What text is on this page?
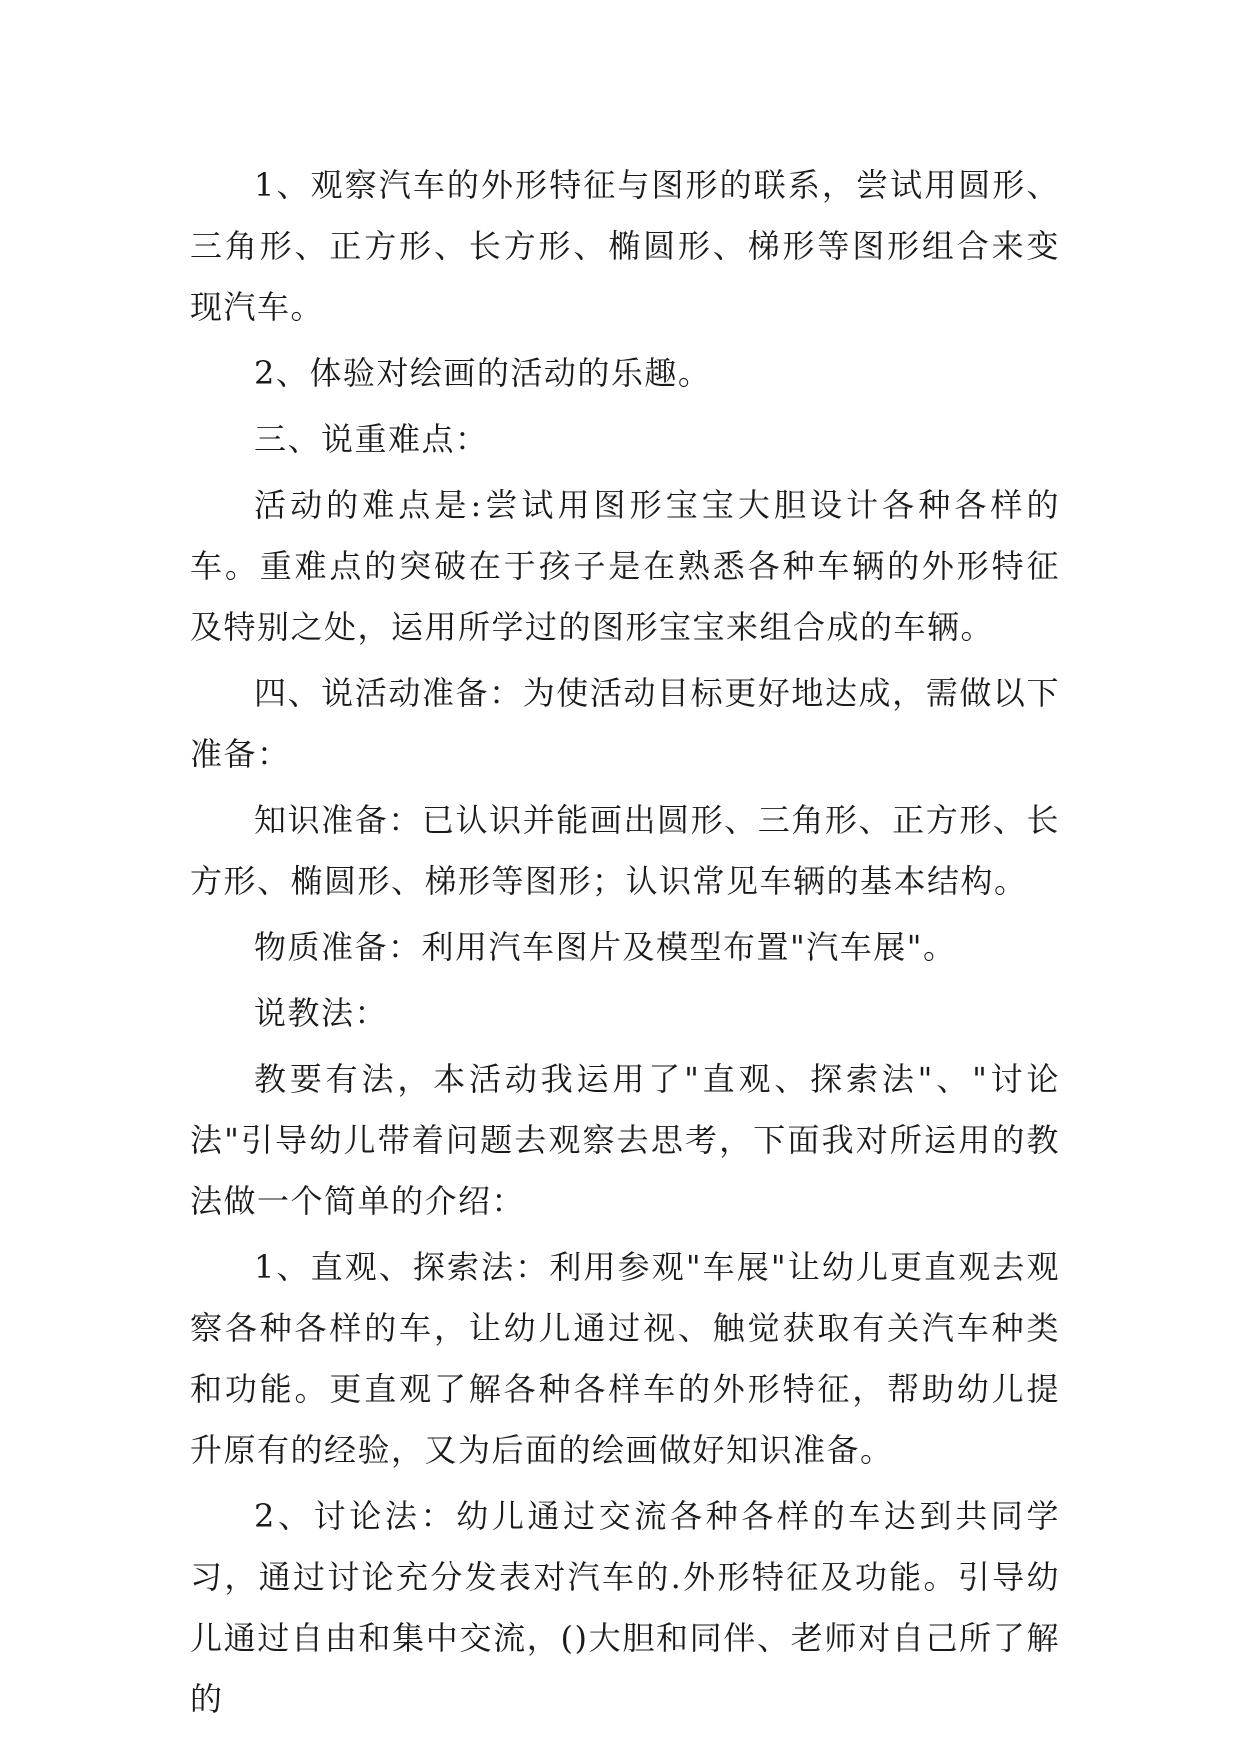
1、观察汽车的外形特征与图形的联系，尝试用圆形、三角形、正方形、长方形、椭圆形、梯形等图形组合来变现汽车。

2、体验对绘画的活动的乐趣。

三、说重难点：

活动的难点是:尝试用图形宝宝大胆设计各种各样的车。重难点的突破在于孩子是在熟悉各种车辆的外形特征及特别之处，运用所学过的图形宝宝来组合成的车辆。

四、说活动准备：为使活动目标更好地达成，需做以下准备：

知识准备：已认识并能画出圆形、三角形、正方形、长方形、椭圆形、梯形等图形；认识常见车辆的基本结构。

物质准备：利用汽车图片及模型布置"汽车展"。

说教法：

教要有法，本活动我运用了"直观、探索法"、"讨论法"引导幼儿带着问题去观察去思考，下面我对所运用的教法做一个简单的介绍：

1、直观、探索法：利用参观"车展"让幼儿更直观去观察各种各样的车，让幼儿通过视、触觉获取有关汽车种类和功能。更直观了解各种各样车的外形特征，帮助幼儿提升原有的经验，又为后面的绘画做好知识准备。

2、讨论法：幼儿通过交流各种各样的车达到共同学习，通过讨论充分发表对汽车的.外形特征及功能。引导幼儿通过自由和集中交流，()大胆和同伴、老师对自己所了解的
